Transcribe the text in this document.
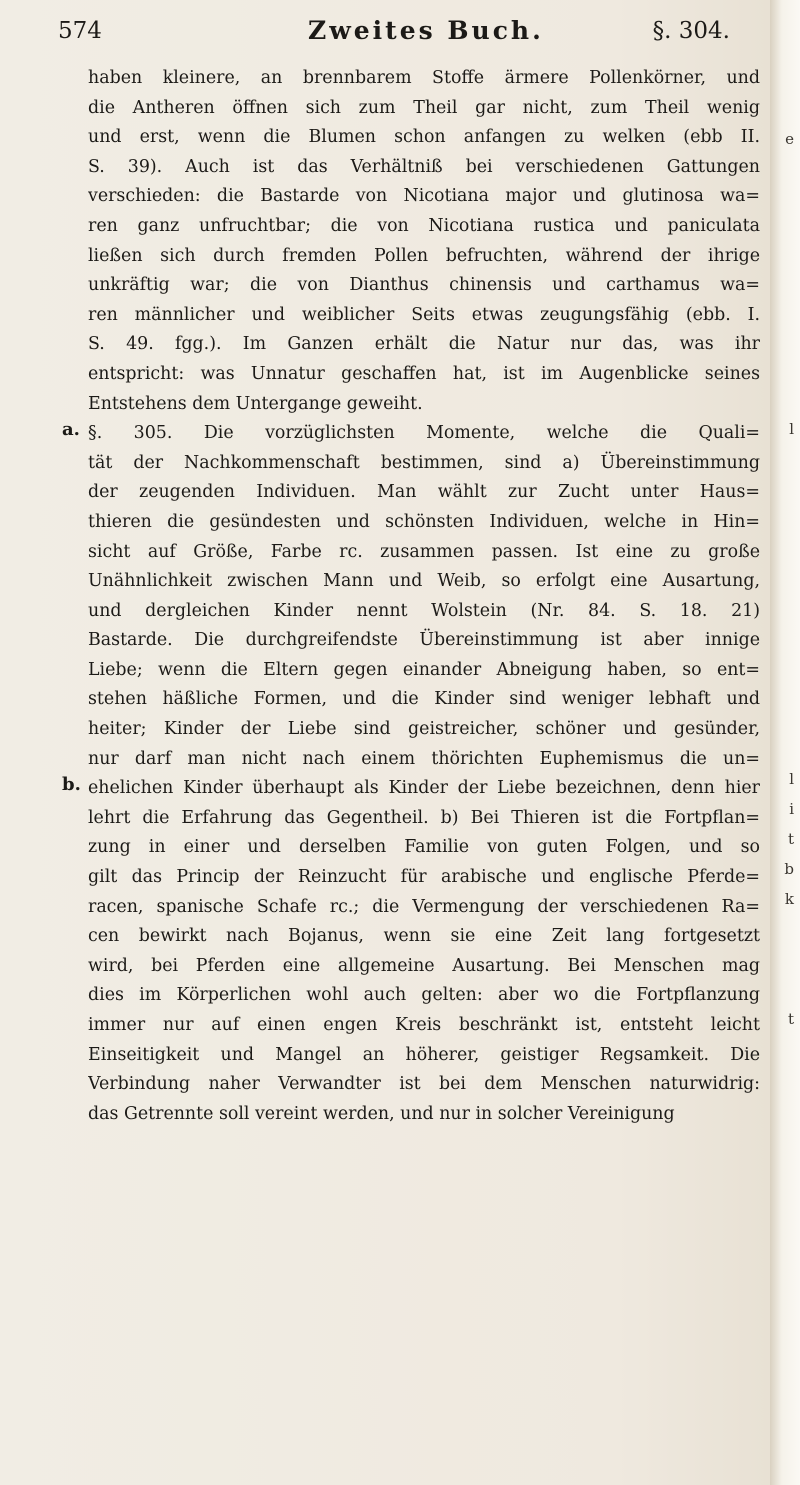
574	Zweites Buch.	§. 304.
a.
b.
haben kleinere, an brennbarem Stoffe ärmere Pollenkörner, und
die Antheren öffnen sich zum Theil gar nicht, zum Theil wenig
und erst, wenn die Blumen schon anfangen zu welken (ebb II.
S. 39). Auch ist das Verhältniß bei verschiedenen Gattungen
verschieden: die Bastarde von Nicotiana major und glutinosa wa=
ren ganz unfruchtbar; die von Nicotiana rustica und paniculata
ließen sich durch fremden Pollen befruchten, während der ihrige
unkräftig war; die von Dianthus chinensis und carthamus wa=
ren männlicher und weiblicher Seits etwas zeugungsfähig (ebb. I.
S. 49. fgg.). Im Ganzen erhält die Natur nur das, was ihr
entspricht: was Unnatur geschaffen hat, ist im Augenblicke seines
Entstehens dem Untergange geweiht.
§. 305. Die vorzüglichsten Momente, welche die Quali=
tät der Nachkommenschaft bestimmen, sind a) Übereinstimmung
der zeugenden Individuen. Man wählt zur Zucht unter Haus=
thieren die gesündesten und schönsten Individuen, welche in Hin=
sicht auf Größe, Farbe rc. zusammen passen. Ist eine zu große
Unähnlichkeit zwischen Mann und Weib, so erfolgt eine Ausartung,
und dergleichen Kinder nennt Wolstein (Nr. 84. S. 18. 21)
Bastarde. Die durchgreifendste Übereinstimmung ist aber innige
Liebe; wenn die Eltern gegen einander Abneigung haben, so ent=
stehen häßliche Formen, und die Kinder sind weniger lebhaft und
heiter; Kinder der Liebe sind geistreicher, schöner und gesünder,
nur darf man nicht nach einem thörichten Euphemismus die un=
ehelichen Kinder überhaupt als Kinder der Liebe bezeichnen, denn hier
lehrt die Erfahrung das Gegentheil. b) Bei Thieren ist die Fortpflan=
zung in einer und derselben Familie von guten Folgen, und so
gilt das Princip der Reinzucht für arabische und englische Pferde=
racen, spanische Schafe rc.; die Vermengung der verschiedenen Ra=
cen bewirkt nach Bojanus, wenn sie eine Zeit lang fortgesetzt
wird, bei Pferden eine allgemeine Ausartung. Bei Menschen mag
dies im Körperlichen wohl auch gelten: aber wo die Fortpflanzung
immer nur auf einen engen Kreis beschränkt ist, entsteht leicht
Einseitigkeit und Mangel an höherer, geistiger Regsamkeit. Die
Verbindung naher Verwandter ist bei dem Menschen naturwidrig:
das Getrennte soll vereint werden, und nur in solcher Vereinigung
e
l
l
i
t
b
k
t
